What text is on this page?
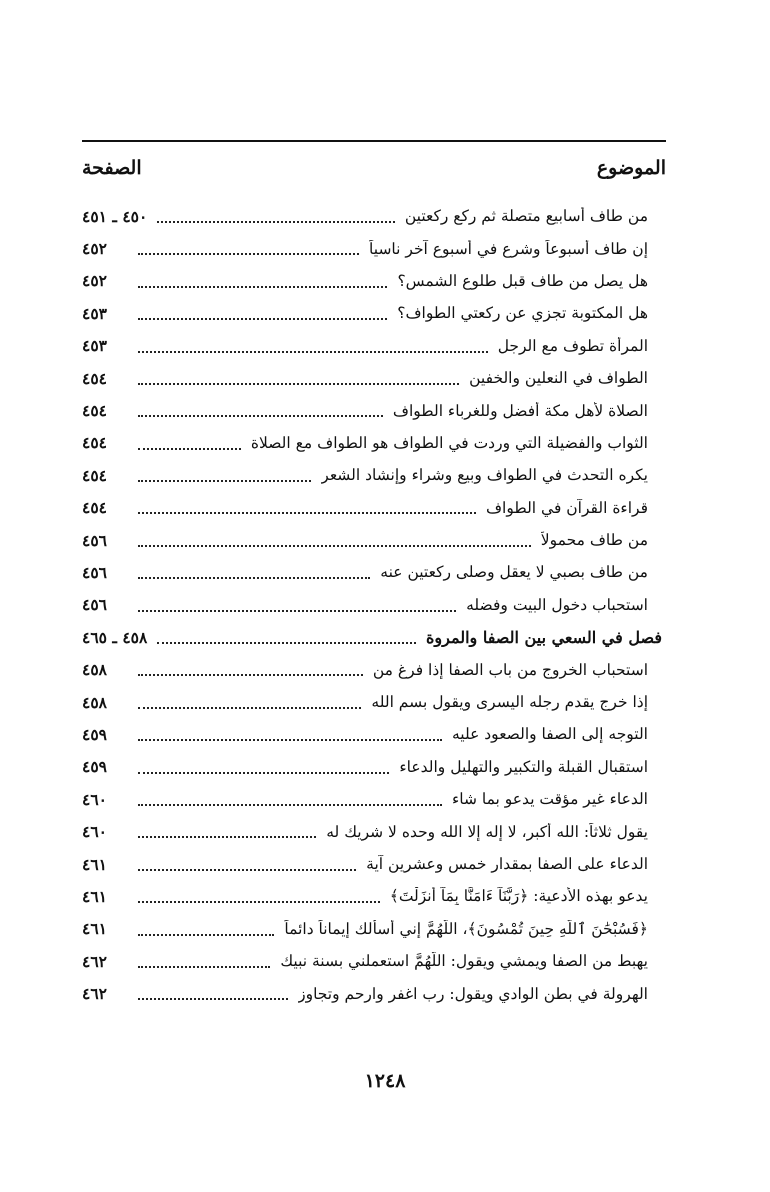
الموضوع
الصفحة
من طاف أسابيع متصلة ثم ركع ركعتين
٤٥٠ ـ ٤٥١
إن طاف أسبوعاً وشرع في أسبوع آخر ناسياً
٤٥٢
هل يصل من طاف قبل طلوع الشمس؟
٤٥٢
هل المكتوبة تجزي عن ركعتي الطواف؟
٤٥٣
المرأة تطوف مع الرجل
٤٥٣
الطواف في النعلين والخفين
٤٥٤
الصلاة لأهل مكة أفضل وللغرباء الطواف
٤٥٤
الثواب والفضيلة التي وردت في الطواف هو الطواف مع الصلاة
٤٥٤
يكره التحدث في الطواف وبيع وشراء وإنشاد الشعر
٤٥٤
قراءة القرآن في الطواف
٤٥٤
من طاف محمولاً
٤٥٦
من طاف بصبي لا يعقل وصلى ركعتين عنه
٤٥٦
استحباب دخول البيت وفضله
٤٥٦
فصل في السعي بين الصفا والمروة
٤٥٨ ـ ٤٦٥
استحباب الخروج من باب الصفا إذا فرغ من
٤٥٨
إذا خرج يقدم رجله اليسرى ويقول بسم الله
٤٥٨
التوجه إلى الصفا والصعود عليه
٤٥٩
استقبال القبلة والتكبير والتهليل والدعاء
٤٥٩
الدعاء غير مؤقت يدعو بما شاء
٤٦٠
يقول ثلاثاً: الله أكبر، لا إله إلا الله وحده لا شريك له
٤٦٠
الدعاء على الصفا بمقدار خمس وعشرين آية
٤٦١
يدعو بهذه الأدعية: ﴿رَبَّنَآ ءَامَنَّا بِمَآ أَنزَلْتَ﴾
٤٦١
﴿فَسُبْحَٰنَ ٱللَّهِ حِينَ تُمْسُونَ﴾، اللَّهُمَّ إني أسألك إيماناً دائماً
٤٦١
يهبط من الصفا ويمشي ويقول: اللَّهُمَّ استعملني بسنة نبيك
٤٦٢
الهرولة في بطن الوادي ويقول: رب اغفر وارحم وتجاوز
٤٦٢
١٢٤٨
